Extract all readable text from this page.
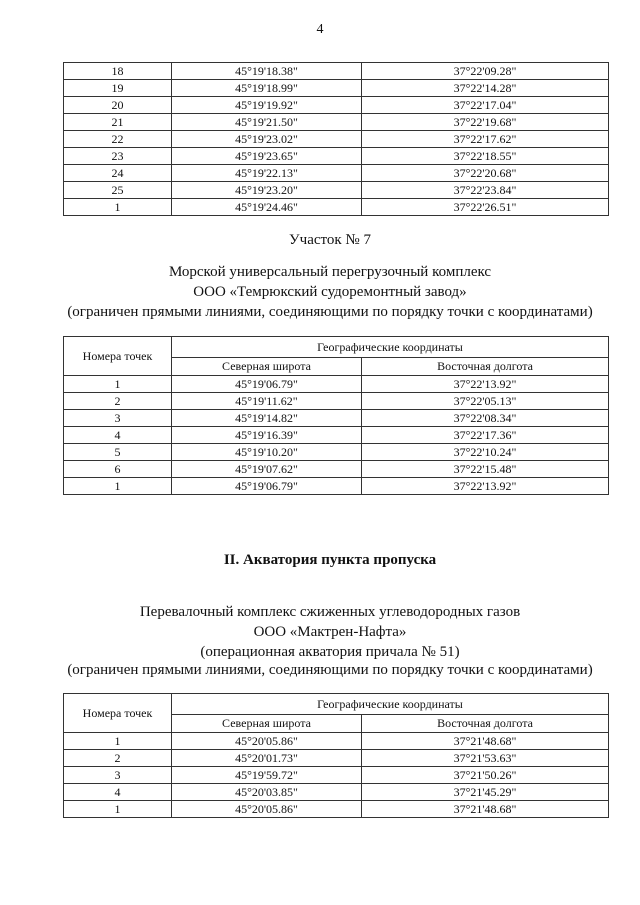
4
18	45°19'18.38"	37°22'09.28"
19	45°19'18.99"	37°22'14.28"
20	45°19'19.92"	37°22'17.04"
21	45°19'21.50"	37°22'19.68"
22	45°19'23.02"	37°22'17.62"
23	45°19'23.65"	37°22'18.55"
24	45°19'22.13"	37°22'20.68"
25	45°19'23.20"	37°22'23.84"
1	45°19'24.46"	37°22'26.51"
Участок № 7
Морской универсальный перегрузочный комплекс
ООО «Темрюкский судоремонтный завод»
(ограничен прямыми линиями, соединяющими по порядку точки с координатами)
Номера точек	Географические координаты	
	Северная широта	Восточная долгота
1	45°19'06.79"	37°22'13.92"
2	45°19'11.62"	37°22'05.13"
3	45°19'14.82"	37°22'08.34"
4	45°19'16.39"	37°22'17.36"
5	45°19'10.20"	37°22'10.24"
6	45°19'07.62"	37°22'15.48"
1	45°19'06.79"	37°22'13.92"
II. Акватория пункта пропуска
Перевалочный комплекс сжиженных углеводородных газов
ООО «Мактрен-Нафта»
(операционная акватория причала № 51)
(ограничен прямыми линиями, соединяющими по порядку точки с координатами)
Номера точек	Географические координаты	
	Северная широта	Восточная долгота
1	45°20'05.86"	37°21'48.68"
2	45°20'01.73"	37°21'53.63"
3	45°19'59.72"	37°21'50.26"
4	45°20'03.85"	37°21'45.29"
1	45°20'05.86"	37°21'48.68"
